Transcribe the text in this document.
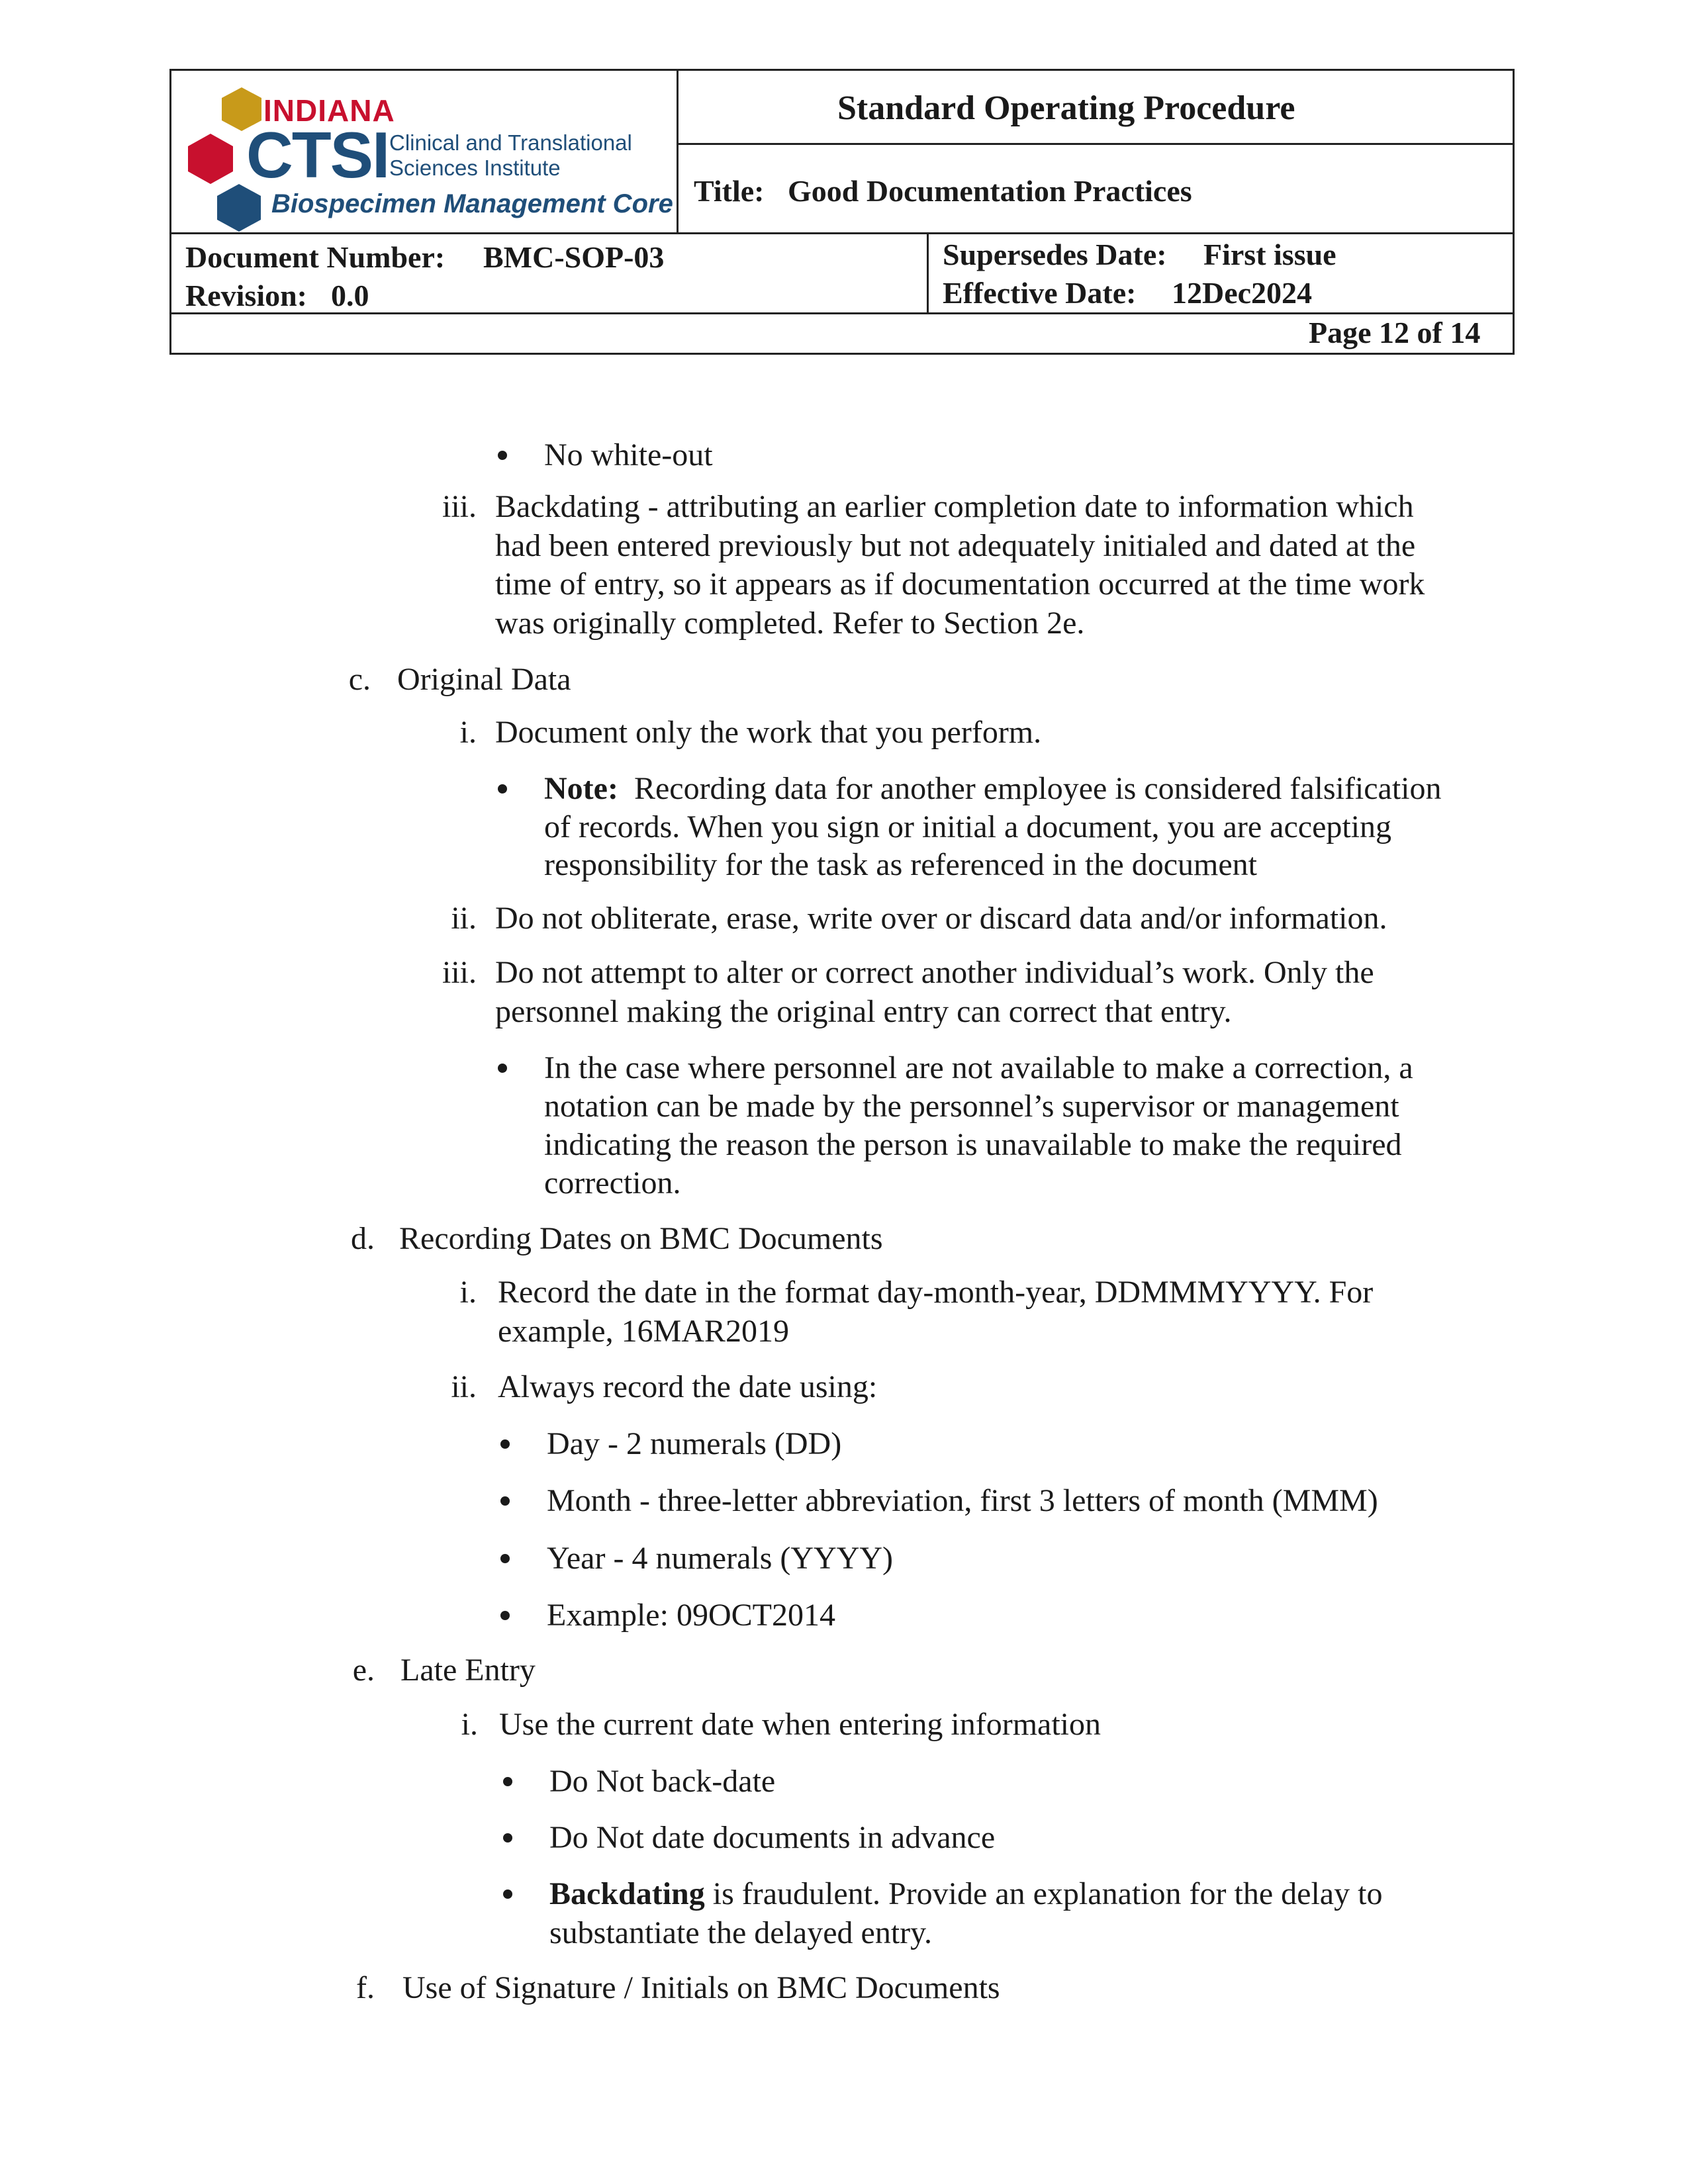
INDIANA
CTSI Clinical and Translational
Sciences Institute
Biospecimen Management Core
Standard Operating Procedure
Title: Good Documentation Practices
Document Number: BMC-SOP-03
Revision: 0.0
Supersedes Date: First issue
Effective Date: 12Dec2024
Page 12 of 14
No white-out
iii. Backdating - attributing an earlier completion date to information which
had been entered previously but not adequately initialed and dated at the
time of entry, so it appears as if documentation occurred at the time work
was originally completed. Refer to Section 2e.
c. Original Data
i. Document only the work that you perform.
Note: Recording data for another employee is considered falsification
of records. When you sign or initial a document, you are accepting
responsibility for the task as referenced in the document
ii. Do not obliterate, erase, write over or discard data and/or information.
iii. Do not attempt to alter or correct another individual’s work. Only the
personnel making the original entry can correct that entry.
In the case where personnel are not available to make a correction, a
notation can be made by the personnel’s supervisor or management
indicating the reason the person is unavailable to make the required
correction.
d. Recording Dates on BMC Documents
i. Record the date in the format day-month-year, DDMMMYYYY. For
example, 16MAR2019
ii. Always record the date using:
Day - 2 numerals (DD)
Month - three-letter abbreviation, first 3 letters of month (MMM)
Year - 4 numerals (YYYY)
Example: 09OCT2014
e. Late Entry
i. Use the current date when entering information
Do Not back-date
Do Not date documents in advance
Backdating is fraudulent. Provide an explanation for the delay to
substantiate the delayed entry.
f. Use of Signature / Initials on BMC Documents
